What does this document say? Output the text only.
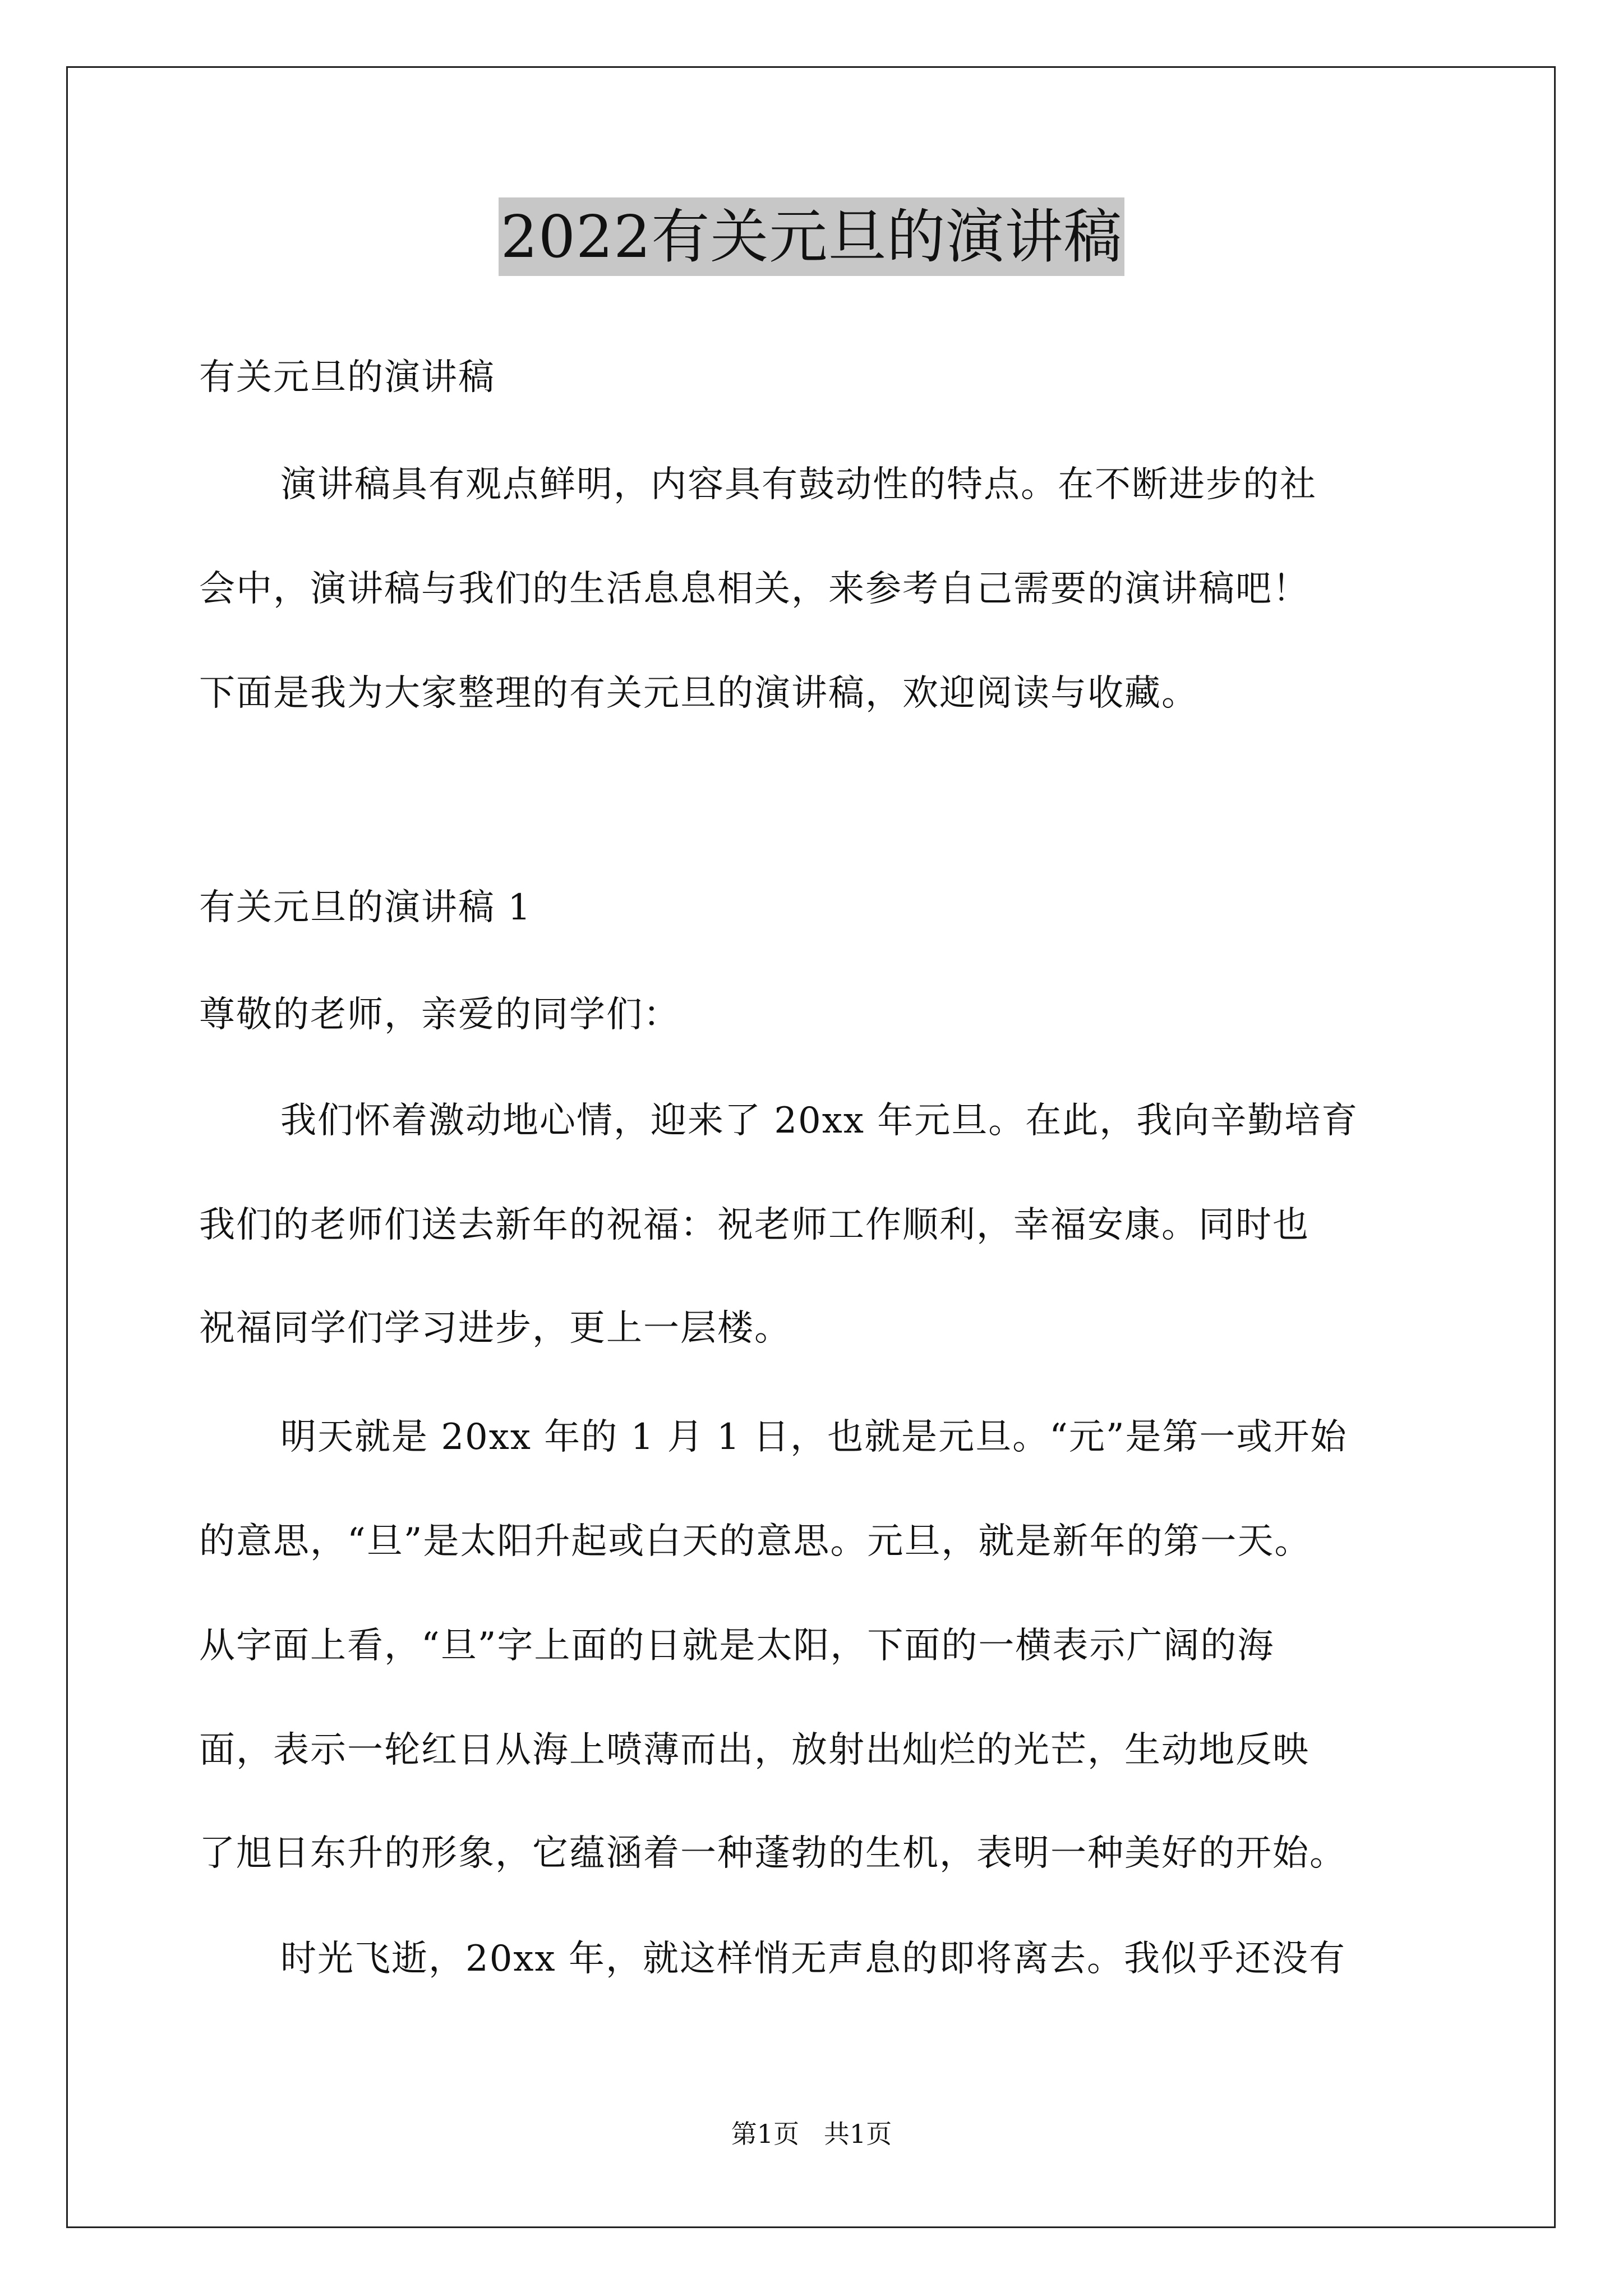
2022有关元旦的演讲稿

有关元旦的演讲稿

演讲稿具有观点鲜明，内容具有鼓动性的特点。在不断进步的社

会中，演讲稿与我们的生活息息相关，来参考自己需要的演讲稿吧！

下面是我为大家整理的有关元旦的演讲稿，欢迎阅读与收藏。

有关元旦的演讲稿 1

尊敬的老师，亲爱的同学们：

我们怀着激动地心情，迎来了 20xx 年元旦。在此，我向辛勤培育

我们的老师们送去新年的祝福：祝老师工作顺利，幸福安康。同时也

祝福同学们学习进步，更上一层楼。

明天就是 20xx 年的 1 月 1 日，也就是元旦。“元”是第一或开始

的意思，“旦”是太阳升起或白天的意思。元旦，就是新年的第一天。

从字面上看，“旦”字上面的日就是太阳，下面的一横表示广阔的海

面，表示一轮红日从海上喷薄而出，放射出灿烂的光芒，生动地反映

了旭日东升的形象，它蕴涵着一种蓬勃的生机，表明一种美好的开始。

时光飞逝，20xx 年，就这样悄无声息的即将离去。我似乎还没有

第1页   共1页
